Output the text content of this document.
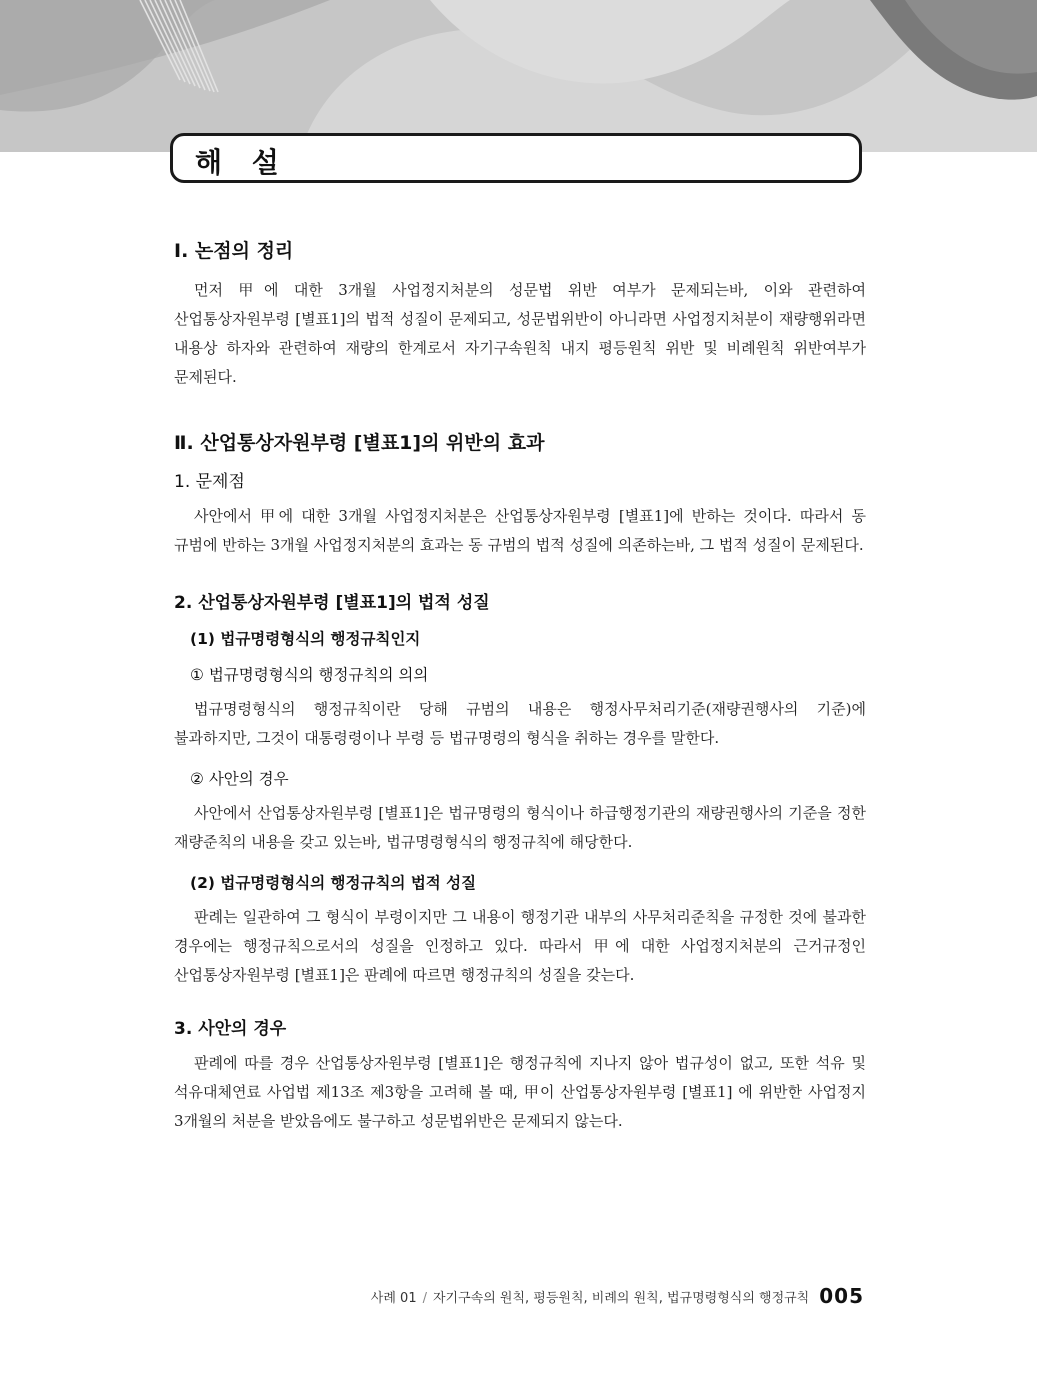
해 설
Ⅰ. 논점의 정리

먼저 甲에 대한 3개월 사업정지처분의 성문법 위반 여부가 문제되는바, 이와 관련하여 산업통상자원부령 [별표1]의 법적 성질이 문제되고, 성문법위반이 아니라면 사업정지처분이 재량행위라면 내용상 하자와 관련하여 재량의 한계로서 자기구속원칙 내지 평등원칙 위반 및 비례원칙 위반여부가 문제된다.

Ⅱ. 산업통상자원부령 [별표1]의 위반의 효과
1. 문제점

사안에서 甲에 대한 3개월 사업정지처분은 산업통상자원부령 [별표1]에 반하는 것이다. 따라서 동 규범에 반하는 3개월 사업정지처분의 효과는 동 규범의 법적 성질에 의존하는바, 그 법적 성질이 문제된다.

2. 산업통상자원부령 [별표1]의 법적 성질
(1) 법규명령형식의 행정규칙인지
① 법규명령형식의 행정규칙의 의의

법규명령형식의 행정규칙이란 당해 규범의 내용은 행정사무처리기준(재량권행사의 기준)에 불과하지만, 그것이 대통령령이나 부령 등 법규명령의 형식을 취하는 경우를 말한다.

② 사안의 경우

사안에서 산업통상자원부령 [별표1]은 법규명령의 형식이나 하급행정기관의 재량권행사의 기준을 정한 재량준칙의 내용을 갖고 있는바, 법규명령형식의 행정규칙에 해당한다.

(2) 법규명령형식의 행정규칙의 법적 성질

판례는 일관하여 그 형식이 부령이지만 그 내용이 행정기관 내부의 사무처리준칙을 규정한 것에 불과한 경우에는 행정규칙으로서의 성질을 인정하고 있다. 따라서 甲에 대한 사업정지처분의 근거규정인 산업통상자원부령 [별표1]은 판례에 따르면 행정규칙의 성질을 갖는다.

3. 사안의 경우

판례에 따를 경우 산업통상자원부령 [별표1]은 행정규칙에 지나지 않아 법규성이 없고, 또한 석유 및 석유대체연료 사업법 제13조 제3항을 고려해 볼 때, 甲이 산업통상자원부령 [별표1] 에 위반한 사업정지 3개월의 처분을 받았음에도 불구하고 성문법위반은 문제되지 않는다.

사례 01 / 자기구속의 원칙, 평등원칙, 비례의 원칙, 법규명령형식의 행정규칙 005
